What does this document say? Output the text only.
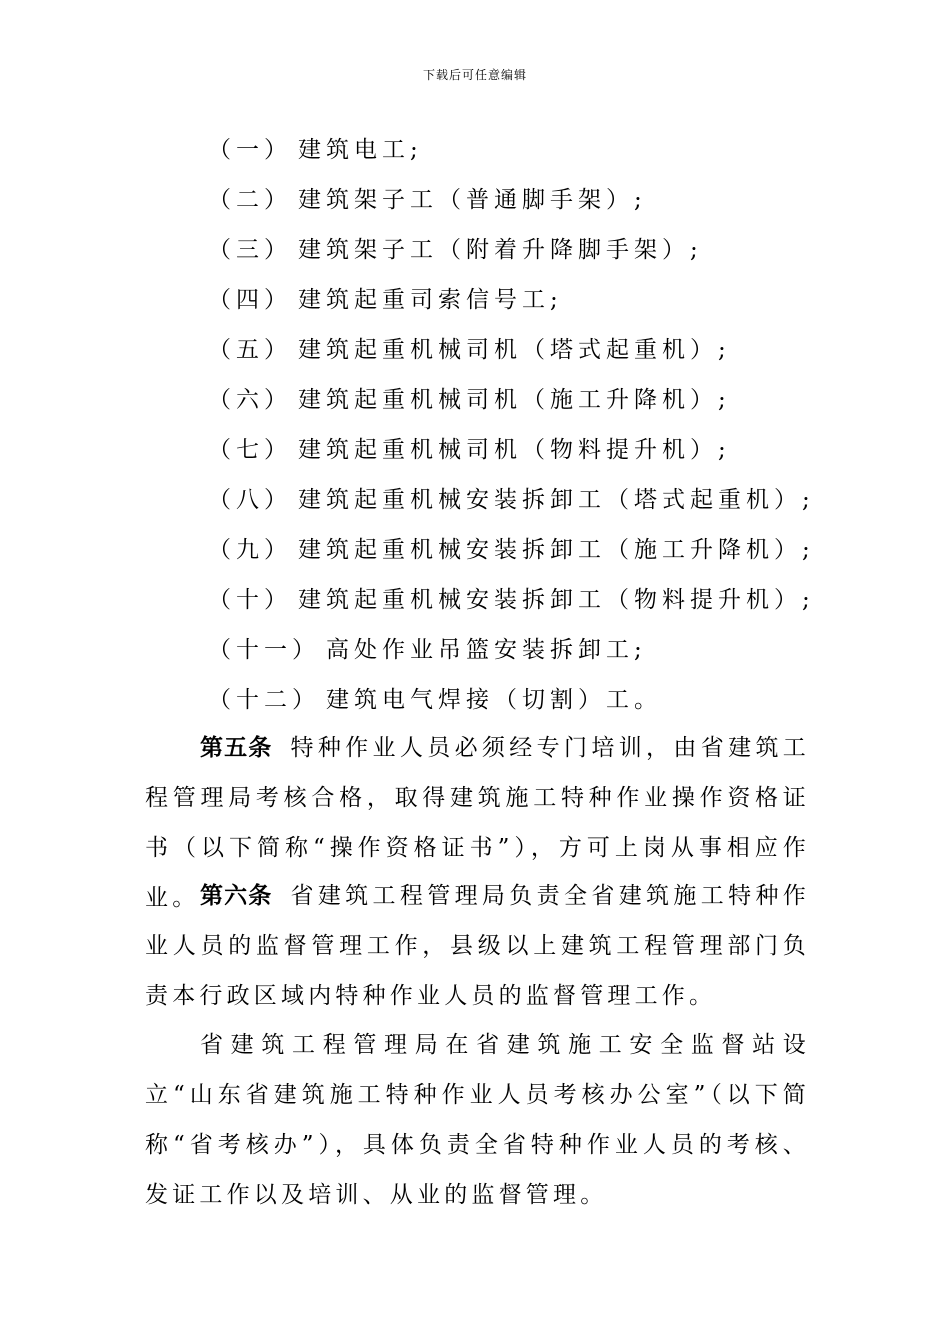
下载后可任意编辑
（一） 建筑电工;
（二） 建筑架子工（普通脚手架）;
（三） 建筑架子工（附着升降脚手架）;
（四） 建筑起重司索信号工;
（五） 建筑起重机械司机（塔式起重机）;
（六） 建筑起重机械司机（施工升降机）;
（七） 建筑起重机械司机（物料提升机）;
（八） 建筑起重机械安装拆卸工（塔式起重机）;
（九） 建筑起重机械安装拆卸工（施工升降机）;
（十） 建筑起重机械安装拆卸工（物料提升机）;
（十一） 高处作业吊篮安装拆卸工;
（十二） 建筑电气焊接（切割）工。

第五条 特种作业人员必须经专门培训，由省建筑工程管理局考核合格，取得建筑施工特种作业操作资格证书（以下简称“操作资格证书”），方可上岗从事相应作业。 第六条 省建筑工程管理局负责全省建筑施工特种作业人员的监督管理工作，县级以上建筑工程管理部门负责本行政区域内特种作业人员的监督管理工作。

省建筑工程管理局在省建筑施工安全监督站设立“山东省建筑施工特种作业人员考核办公室”（以下简称“省考核办”），具体负责全省特种作业人员的考核、发证工作以及培训、从业的监督管理。
